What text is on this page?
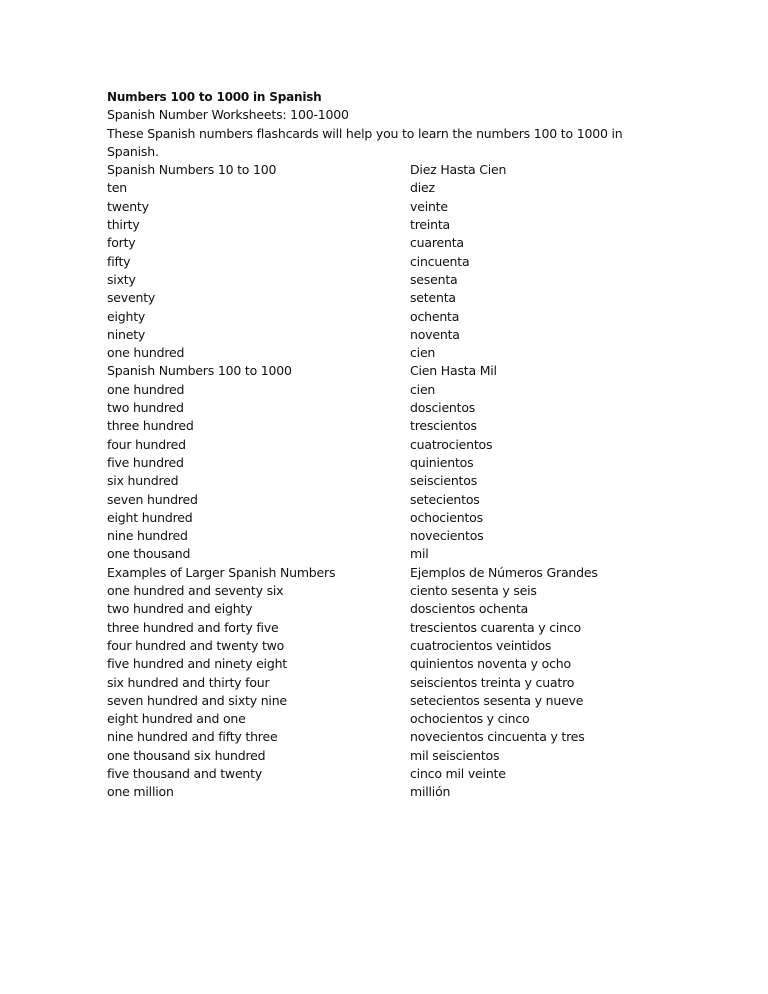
Numbers 100 to 1000 in Spanish
Spanish Number Worksheets: 100-1000
These Spanish numbers flashcards will help you to learn the numbers 100 to 1000 in Spanish.
Spanish Numbers 10 to 100	Diez Hasta Cien
ten	diez
twenty	veinte
thirty	treinta
forty	cuarenta
fifty	cincuenta
sixty	sesenta
seventy	setenta
eighty	ochenta
ninety	noventa
one hundred	cien
Spanish Numbers 100 to 1000	Cien Hasta Mil
one hundred	cien
two hundred	doscientos
three hundred	trescientos
four hundred	cuatrocientos
five hundred	quinientos
six hundred	seiscientos
seven hundred	setecientos
eight hundred	ochocientos
nine hundred	novecientos
one thousand	mil
Examples of Larger Spanish Numbers	Ejemplos de Números Grandes
one hundred and seventy six	ciento sesenta y seis
two hundred and eighty	doscientos ochenta
three hundred and forty five	trescientos cuarenta y cinco
four hundred and twenty two	cuatrocientos veintidos
five hundred and ninety eight	quinientos noventa y ocho
six hundred and thirty four	seiscientos treinta y cuatro
seven hundred and sixty nine	setecientos sesenta y nueve
eight hundred and one	ochocientos y cinco
nine hundred and fifty three	novecientos cincuenta y tres
one thousand six hundred	mil seiscientos
five thousand and twenty	cinco mil veinte
one million	millión
